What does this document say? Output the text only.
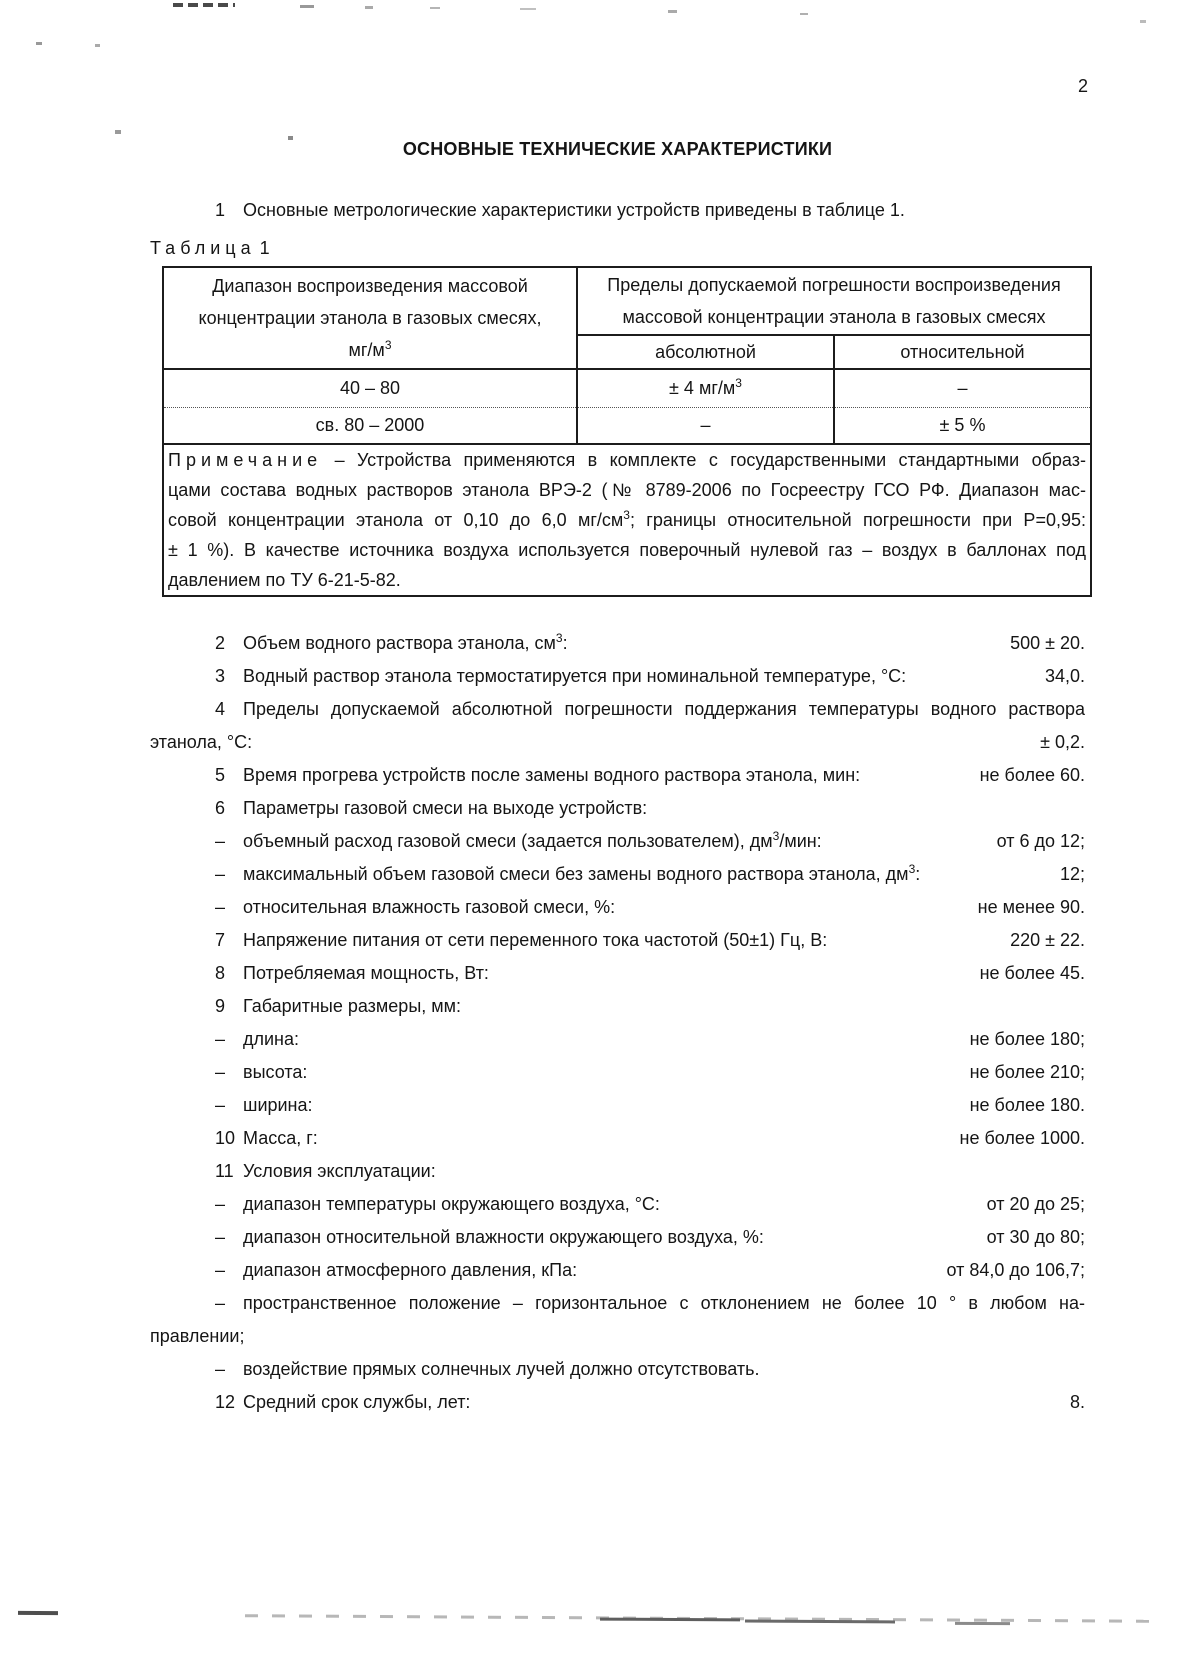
2
ОСНОВНЫЕ ТЕХНИЧЕСКИЕ ХАРАКТЕРИСТИКИ
1 Основные метрологические характеристики устройств приведены в таблице 1.
Таблица 1
Диапазон воспроизведения массовой
концентрации этанола в газовых смесях,
$мг/м^3$

Пределы допускаемой погрешности воспроизведения
массовой концентрации этанола в газовых смесях

	абсолютной	относительной
40 – 80	± 4 $мг/м^3$	–
св. 80 – 2000	–	± 5 %

Примечание – Устройства применяются в комплекте с государственными стандартными образ-
цами состава водных растворов этанола ВРЭ-2 (№ 8789-2006 по Госреестру ГСО РФ. Диапазон мас-
совой концентрации этанола от 0,10 до 6,0 $мг/см^3$; границы относительной погрешности при Р=0,95:
± 1 %). В качестве источника воздуха используется поверочный нулевой газ – воздух в баллонах под
давлением по ТУ 6-21-5-82.		
2 Объем водного раствора этанола, $см^3$:	500 ± 20.
3 Водный раствор этанола термостатируется при номинальной температуре, °С:	34,0.
4 Пределы допускаемой абсолютной погрешности поддержания температуры водного раствора
этанола, °С:	± 0,2.
5 Время прогрева устройств после замены водного раствора этанола, мин:	не более 60.
6 Параметры газовой смеси на выходе устройств:
– объемный расход газовой смеси (задается пользователем), $дм^3$/мин:	от 6 до 12;
– максимальный объем газовой смеси без замены водного раствора этанола, $дм^3$:	12;
– относительная влажность газовой смеси, %:	не менее 90.
7 Напряжение питания от сети переменного тока частотой (50±1) Гц, В:	220 ± 22.
8 Потребляемая мощность, Вт:	не более 45.
9 Габаритные размеры, мм:
– длина:	не более 180;
– высота:	не более 210;
– ширина:	не более 180.
10 Масса, г:	не более 1000.
11 Условия эксплуатации:
– диапазон температуры окружающего воздуха, °С:	от 20 до 25;
– диапазон относительной влажности окружающего воздуха, %:	от 30 до 80;
– диапазон атмосферного давления, кПа:	от 84,0 до 106,7;
– пространственное положение – горизонтальное с отклонением не более 10 ° в любом на-
правлении;
– воздействие прямых солнечных лучей должно отсутствовать.
12 Средний срок службы, лет:	8.
